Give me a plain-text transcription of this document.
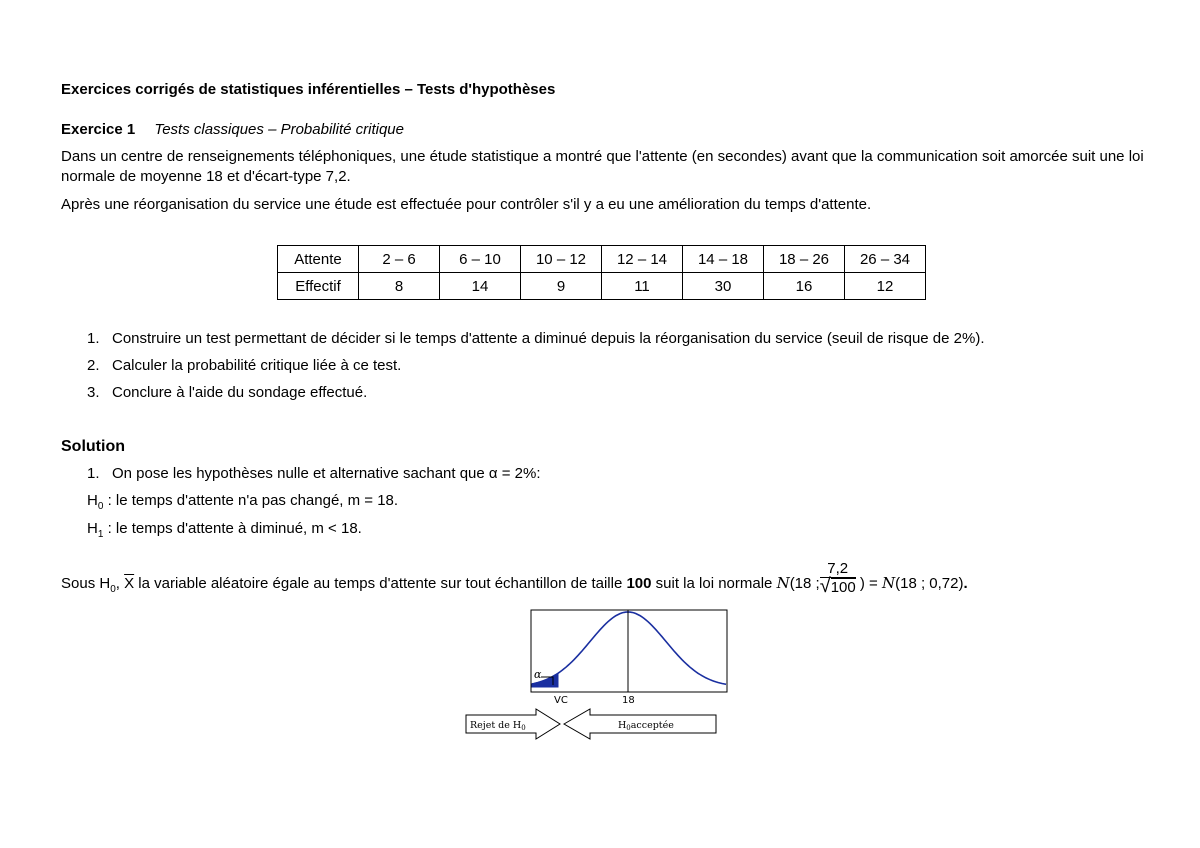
Exercices corrigés de statistiques inférentielles – Tests d'hypothèses
Exercice 1 Tests classiques – Probabilité critique
Dans un centre de renseignements téléphoniques, une étude statistique a montré que l'attente (en secondes) avant que la communication soit amorcée suit une loi normale de moyenne 18 et d'écart-type 7,2.
Après une réorganisation du service une étude est effectuée pour contrôler s'il y a eu une amélioration du temps d'attente.
Attente	2 – 6	6 – 10	10 – 12	12 – 14	14 – 18	18 – 26	26 – 34
Effectif	8	14	9	11	30	16	12
1. Construire un test permettant de décider si le temps d'attente a diminué depuis la réorganisation du service (seuil de risque de 2%).
2. Calculer la probabilité critique liée à ce test.
3. Conclure à l'aide du sondage effectué.
Solution
1. On pose les hypothèses nulle et alternative sachant que α = 2%:
$H_0$ : le temps d'attente n'a pas changé, m = 18.
$H_1$ : le temps d'attente à diminué, m < 18.
Sous $H_0$, $\overline{X}$ la variable aléatoire égale au temps d'attente sur tout échantillon de taille 100 suit la loi normale N(18 ; $\frac{7,2}{√100}$ ) = N(18 ; 0,72).
α
VC	18
Rejet de $H_0$	$H_0acceptée$
